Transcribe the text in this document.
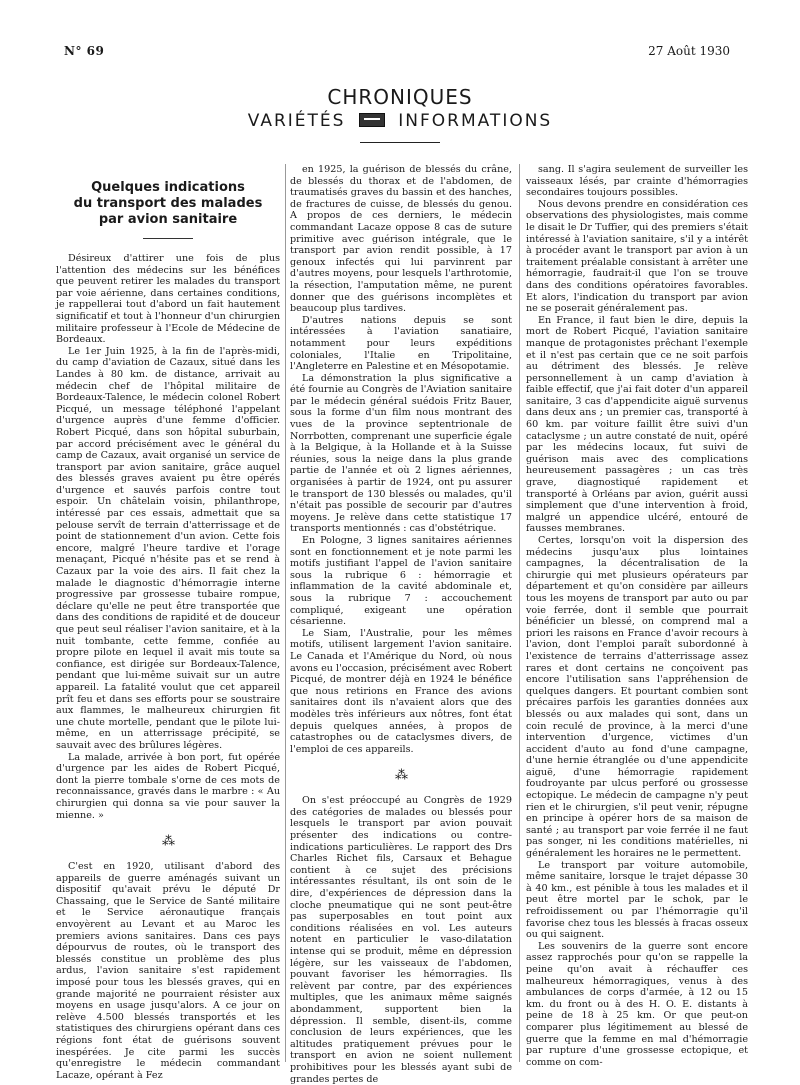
N° 69	27 Août 1930
CHRONIQUES
VARIÉTÉS	INFORMATIONS
Quelques indications
du transport des malades
par avion sanitaire

Désireux d'attirer une fois de plus l'attention des médecins sur les bénéfices que peuvent retirer les malades du transport par voie aérienne, dans certaines conditions, je rappellerai tout d'abord un fait hautement significatif et tout à l'honneur d'un chirurgien militaire professeur à l'Ecole de Médecine de Bordeaux.

Le 1er Juin 1925, à la fin de l'après-midi, du camp d'aviation de Cazaux, situé dans les Landes à 80 km. de distance, arrivait au médecin chef de l'hôpital militaire de Bordeaux-Talence, le médecin colonel Robert Picqué, un message téléphoné l'appelant d'urgence auprès d'une femme d'officier. Robert Picqué, dans son hôpital suburbain, par accord précisément avec le général du camp de Cazaux, avait organisé un service de transport par avion sanitaire, grâce auquel des blessés graves avaient pu être opérés d'urgence et sauvés parfois contre tout espoir. Un châtelain voisin, philanthrope, intéressé par ces essais, admettait que sa pelouse servît de terrain d'atterrissage et de point de stationnement d'un avion. Cette fois encore, malgré l'heure tardive et l'orage menaçant, Picqué n'hésite pas et se rend à Cazaux par la voie des airs. Il fait chez la malade le diagnostic d'hémorragie interne progressive par grossesse tubaire rompue, déclare qu'elle ne peut être transportée que dans des conditions de rapidité et de douceur que peut seul réaliser l'avion sanitaire, et à la nuit tombante, cette femme, confiée au propre pilote en lequel il avait mis toute sa confiance, est dirigée sur Bordeaux-Talence, pendant que lui-même suivait sur un autre appareil. La fatalité voulut que cet appareil prît feu et dans ses efforts pour se soustraire aux flammes, le malheureux chirurgien fit une chute mortelle, pendant que le pilote lui-même, en un atterrissage précipité, se sauvait avec des brûlures légères.

La malade, arrivée à bon port, fut opérée d'urgence par les aides de Robert Picqué, dont la pierre tombale s'orne de ces mots de reconnaissance, gravés dans le marbre : « Au chirurgien qui donna sa vie pour sauver la mienne. »

⁂

C'est en 1920, utilisant d'abord des appareils de guerre aménagés suivant un dispositif qu'avait prévu le député Dr Chassaing, que le Service de Santé militaire et le Service aéronautique français envoyèrent au Levant et au Maroc les premiers avions sanitaires. Dans ces pays dépourvus de routes, où le transport des blessés constitue un problème des plus ardus, l'avion sanitaire s'est rapidement imposé pour tous les blessés graves, qui en grande majorité ne pourraient résister aux moyens en usage jusqu'alors. A ce jour on relève 4.500 blessés transportés et les statistiques des chirurgiens opérant dans ces régions font état de guérisons souvent inespérées. Je cite parmi les succès qu'enregistre le médecin commandant Lacaze, opérant à Fez

en 1925, la guérison de blessés du crâne, de blessés du thorax et de l'abdomen, de traumatisés graves du bassin et des hanches, de fractures de cuisse, de blessés du genou. A propos de ces derniers, le médecin commandant Lacaze oppose 8 cas de suture primitive avec guérison intégrale, que le transport par avion rendit possible, à 17 genoux infectés qui lui parvinrent par d'autres moyens, pour lesquels l'arthrotomie, la résection, l'amputation même, ne purent donner que des guérisons incomplètes et beaucoup plus tardives.

D'autres nations depuis se sont intéressées à l'aviation sanatiaire, notamment pour leurs expéditions coloniales, l'Italie en Tripolitaine, l'Angleterre en Palestine et en Mésopotamie.

La démonstration la plus significative a été fournie au Congrès de l'Aviation sanitaire par le médecin général suédois Fritz Bauer, sous la forme d'un film nous montrant des vues de la province septentrionale de Norrbotten, comprenant une superficie égale à la Belgique, à la Hollande et à la Suisse réunies, sous la neige dans la plus grande partie de l'année et où 2 lignes aériennes, organisées à partir de 1924, ont pu assurer le transport de 130 blessés ou malades, qu'il n'était pas possible de secourir par d'autres moyens. Je relève dans cette statistique 17 transports mentionnés : cas d'obstétrique.

En Pologne, 3 lignes sanitaires aériennes sont en fonctionnement et je note parmi les motifs justifiant l'appel de l'avion sanitaire sous la rubrique 6 : hémorragie et inflammation de la cavité abdominale et, sous la rubrique 7 : accouchement compliqué, exigeant une opération césarienne.

Le Siam, l'Australie, pour les mêmes motifs, utilisent largement l'avion sanitaire. Le Canada et l'Amérique du Nord, où nous avons eu l'occasion, précisément avec Robert Picqué, de montrer déjà en 1924 le bénéfice que nous retirions en France des avions sanitaires dont ils n'avaient alors que des modèles très inférieurs aux nôtres, font état depuis quelques années, à propos de catastrophes ou de cataclysmes divers, de l'emploi de ces appareils.

⁂

On s'est préoccupé au Congrès de 1929 des catégories de malades ou blessés pour lesquels le transport par avion pouvait présenter des indications ou contre-indications particulières. Le rapport des Drs Charles Richet fils, Carsaux et Behague contient à ce sujet des précisions intéressantes résultant, ils ont soin de le dire, d'expériences de dépression dans la cloche pneumatique qui ne sont peut-être pas superposables en tout point aux conditions réalisées en vol. Les auteurs notent en particulier le vaso-dilatation intense qui se produit, même en dépression légère, sur les vaisseaux de l'abdomen, pouvant favoriser les hémorragies. Ils relèvent par contre, par des expériences multiples, que les animaux même saignés abondamment, supportent bien la dépression. Il semble, disent-ils, comme conclusion de leurs expériences, que les altitudes pratiquement prévues pour le transport en avion ne soient nullement prohibitives pour les blessés ayant subi de grandes pertes de

sang. Il s'agira seulement de surveiller les vaisseaux lésés, par crainte d'hémorragies secondaires toujours possibles.

Nous devons prendre en considération ces observations des physiologistes, mais comme le disait le Dr Tuffier, qui des premiers s'était intéressé à l'aviation sanitaire, s'il y a intérêt à procéder avant le transport par avion à un traitement préalable consistant à arrêter une hémorragie, faudrait-il que l'on se trouve dans des conditions opératoires favorables. Et alors, l'indication du transport par avion ne se poserait généralement pas.

En France, il faut bien le dire, depuis la mort de Robert Picqué, l'aviation sanitaire manque de protagonistes prêchant l'exemple et il n'est pas certain que ce ne soit parfois au détriment des blessés. Je relève personnellement à un camp d'aviation à faible effectif, que j'ai fait doter d'un appareil sanitaire, 3 cas d'appendicite aiguë survenus dans deux ans ; un premier cas, transporté à 60 km. par voiture faillit être suivi d'un cataclysme ; un autre constaté de nuit, opéré par les médecins locaux, fut suivi de guérison mais avec des complications heureusement passagères ; un cas très grave, diagnostiqué rapidement et transporté à Orléans par avion, guérit aussi simplement que d'une intervention à froid, malgré un appendice ulcéré, entouré de fausses membranes.

Certes, lorsqu'on voit la dispersion des médecins jusqu'aux plus lointaines campagnes, la décentralisation de la chirurgie qui met plusieurs opérateurs par département et qu'on considère par ailleurs tous les moyens de transport par auto ou par voie ferrée, dont il semble que pourrait bénéficier un blessé, on comprend mal a priori les raisons en France d'avoir recours à l'avion, dont l'emploi paraît subordonné à l'existence de terrains d'atterrissage assez rares et dont certains ne conçoivent pas encore l'utilisation sans l'appréhension de quelques dangers. Et pourtant combien sont précaires parfois les garanties données aux blessés ou aux malades qui sont, dans un coin reculé de province, à la merci d'une intervention d'urgence, victimes d'un accident d'auto au fond d'une campagne, d'une hernie étranglée ou d'une appendicite aiguë, d'une hémorragie rapidement foudroyante par ulcus perforé ou grossesse ectopique. Le médecin de campagne n'y peut rien et le chirurgien, s'il peut venir, répugne en principe à opérer hors de sa maison de santé ; au transport par voie ferrée il ne faut pas songer, ni les conditions matérielles, ni généralement les horaires ne le permettent.

Le transport par voiture automobile, même sanitaire, lorsque le trajet dépasse 30 à 40 km., est pénible à tous les malades et il peut être mortel par le schok, par le refroidissement ou par l'hémorragie qu'il favorise chez tous les blessés à fracas osseux ou qui saignent.

Les souvenirs de la guerre sont encore assez rapprochés pour qu'on se rappelle la peine qu'on avait à réchauffer ces malheureux hémorragiques, venus à des ambulances de corps d'armée, à 12 ou 15 km. du front ou à des H. O. E. distants à peine de 18 à 25 km. Or que peut-on comparer plus légitimement au blessé de guerre que la femme en mal d'hémorragie par rupture d'une grossesse ectopique, et comme on com-
